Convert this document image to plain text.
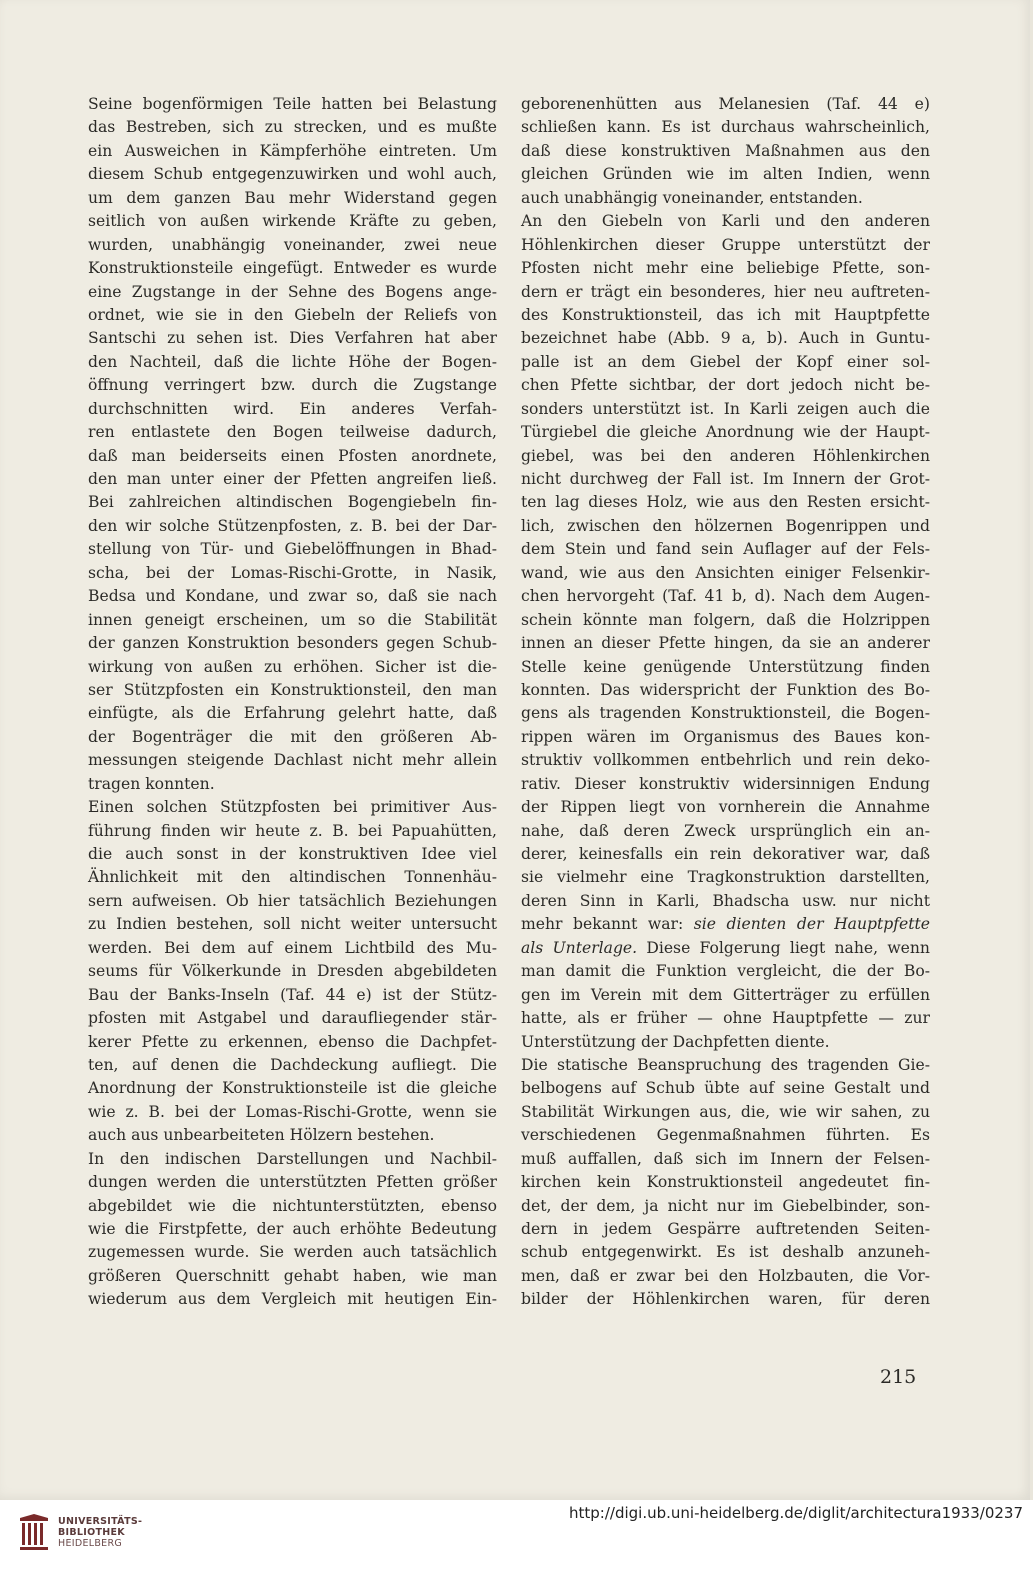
Seine bogenförmigen Teile hatten bei Belastung
das Bestreben, sich zu strecken, und es mußte
ein Ausweichen in Kämpferhöhe eintreten. Um
diesem Schub entgegenzuwirken und wohl auch,
um dem ganzen Bau mehr Widerstand gegen
seitlich von außen wirkende Kräfte zu geben,
wurden, unabhängig voneinander, zwei neue
Konstruktionsteile eingefügt. Entweder es wurde
eine Zugstange in der Sehne des Bogens ange-
ordnet, wie sie in den Giebeln der Reliefs von
Santschi zu sehen ist. Dies Verfahren hat aber
den Nachteil, daß die lichte Höhe der Bogen-
öffnung verringert bzw. durch die Zugstange
durchschnitten wird. Ein anderes Verfah-
ren entlastete den Bogen teilweise dadurch,
daß man beiderseits einen Pfosten anordnete,
den man unter einer der Pfetten angreifen ließ.
Bei zahlreichen altindischen Bogengiebeln fin-
den wir solche Stützenpfosten, z. B. bei der Dar-
stellung von Tür- und Giebelöffnungen in Bhad-
scha, bei der Lomas-Rischi-Grotte, in Nasik,
Bedsa und Kondane, und zwar so, daß sie nach
innen geneigt erscheinen, um so die Stabilität
der ganzen Konstruktion besonders gegen Schub-
wirkung von außen zu erhöhen. Sicher ist die-
ser Stützpfosten ein Konstruktionsteil, den man
einfügte, als die Erfahrung gelehrt hatte, daß
der Bogenträger die mit den größeren Ab-
messungen steigende Dachlast nicht mehr allein
tragen konnten.
Einen solchen Stützpfosten bei primitiver Aus-
führung finden wir heute z. B. bei Papuahütten,
die auch sonst in der konstruktiven Idee viel
Ähnlichkeit mit den altindischen Tonnenhäu-
sern aufweisen. Ob hier tatsächlich Beziehungen
zu Indien bestehen, soll nicht weiter untersucht
werden. Bei dem auf einem Lichtbild des Mu-
seums für Völkerkunde in Dresden abgebildeten
Bau der Banks-Inseln (Taf. 44 e) ist der Stütz-
pfosten mit Astgabel und daraufliegender stär-
kerer Pfette zu erkennen, ebenso die Dachpfet-
ten, auf denen die Dachdeckung aufliegt. Die
Anordnung der Konstruktionsteile ist die gleiche
wie z. B. bei der Lomas-Rischi-Grotte, wenn sie
auch aus unbearbeiteten Hölzern bestehen.
In den indischen Darstellungen und Nachbil-
dungen werden die unterstützten Pfetten größer
abgebildet wie die nichtunterstützten, ebenso
wie die Firstpfette, der auch erhöhte Bedeutung
zugemessen wurde. Sie werden auch tatsächlich
größeren Querschnitt gehabt haben, wie man
wiederum aus dem Vergleich mit heutigen Ein-
geborenenhütten aus Melanesien (Taf. 44 e)
schließen kann. Es ist durchaus wahrscheinlich,
daß diese konstruktiven Maßnahmen aus den
gleichen Gründen wie im alten Indien, wenn
auch unabhängig voneinander, entstanden.
An den Giebeln von Karli und den anderen
Höhlenkirchen dieser Gruppe unterstützt der
Pfosten nicht mehr eine beliebige Pfette, son-
dern er trägt ein besonderes, hier neu auftreten-
des Konstruktionsteil, das ich mit Hauptpfette
bezeichnet habe (Abb. 9 a, b). Auch in Guntu-
palle ist an dem Giebel der Kopf einer sol-
chen Pfette sichtbar, der dort jedoch nicht be-
sonders unterstützt ist. In Karli zeigen auch die
Türgiebel die gleiche Anordnung wie der Haupt-
giebel, was bei den anderen Höhlenkirchen
nicht durchweg der Fall ist. Im Innern der Grot-
ten lag dieses Holz, wie aus den Resten ersicht-
lich, zwischen den hölzernen Bogenrippen und
dem Stein und fand sein Auflager auf der Fels-
wand, wie aus den Ansichten einiger Felsenkir-
chen hervorgeht (Taf. 41 b, d). Nach dem Augen-
schein könnte man folgern, daß die Holzrippen
innen an dieser Pfette hingen, da sie an anderer
Stelle keine genügende Unterstützung finden
konnten. Das widerspricht der Funktion des Bo-
gens als tragenden Konstruktionsteil, die Bogen-
rippen wären im Organismus des Baues kon-
struktiv vollkommen entbehrlich und rein deko-
rativ. Dieser konstruktiv widersinnigen Endung
der Rippen liegt von vornherein die Annahme
nahe, daß deren Zweck ursprünglich ein an-
derer, keinesfalls ein rein dekorativer war, daß
sie vielmehr eine Tragkonstruktion darstellten,
deren Sinn in Karli, Bhadscha usw. nur nicht
mehr bekannt war: sie dienten der Hauptpfette
als Unterlage. Diese Folgerung liegt nahe, wenn
man damit die Funktion vergleicht, die der Bo-
gen im Verein mit dem Gitterträger zu erfüllen
hatte, als er früher — ohne Hauptpfette — zur
Unterstützung der Dachpfetten diente.
Die statische Beanspruchung des tragenden Gie-
belbogens auf Schub übte auf seine Gestalt und
Stabilität Wirkungen aus, die, wie wir sahen, zu
verschiedenen Gegenmaßnahmen führten. Es
muß auffallen, daß sich im Innern der Felsen-
kirchen kein Konstruktionsteil angedeutet fin-
det, der dem, ja nicht nur im Giebelbinder, son-
dern in jedem Gespärre auftretenden Seiten-
schub entgegenwirkt. Es ist deshalb anzuneh-
men, daß er zwar bei den Holzbauten, die Vor-
bilder der Höhlenkirchen waren, für deren
215
UNIVERSITÄTS-
BIBLIOTHEK
HEIDELBERG
http://digi.ub.uni-heidelberg.de/diglit/architectura1933/0237
